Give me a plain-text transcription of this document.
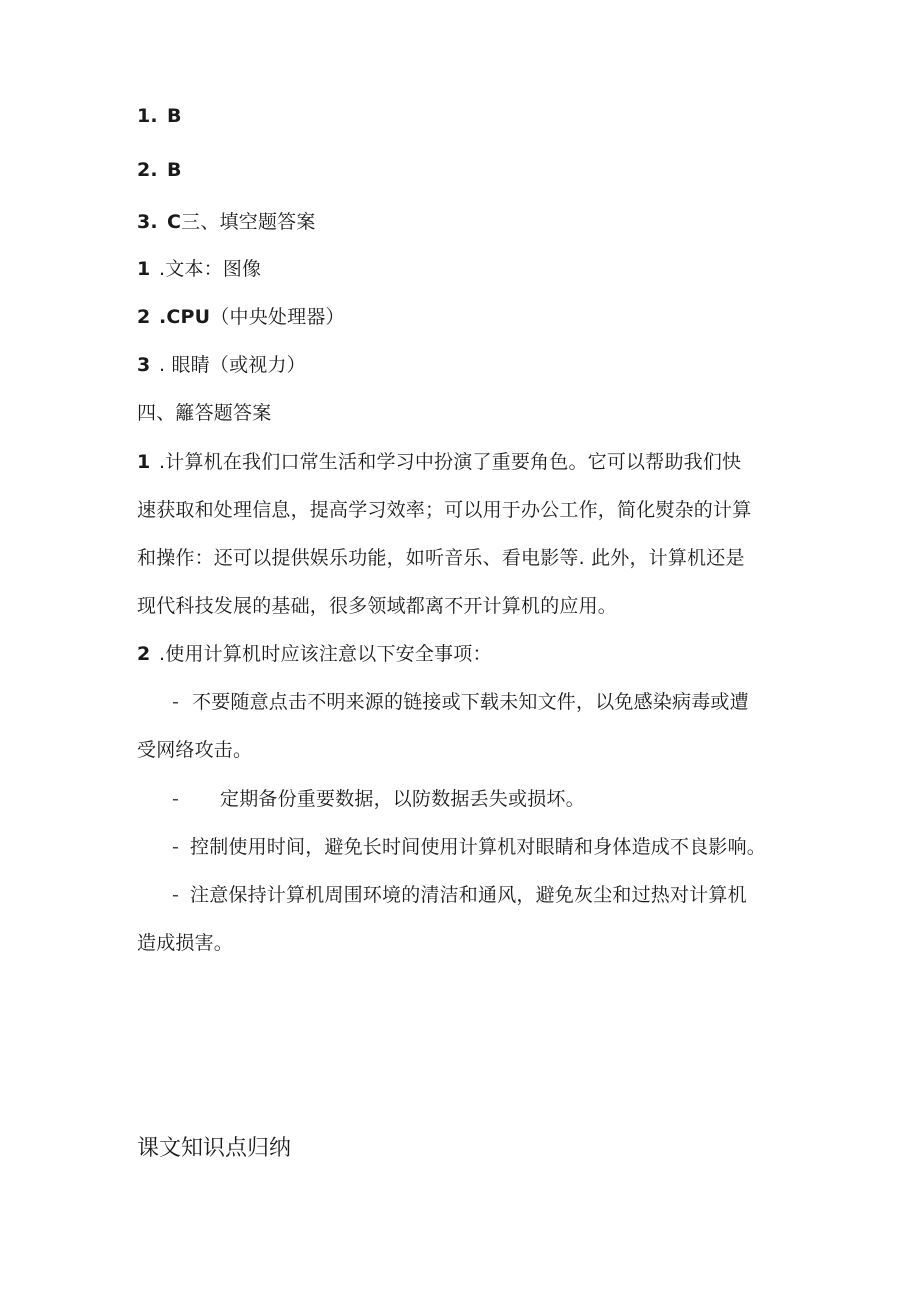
1. B
2. B
3. C三、填空题答案
1 .文本：图像
2 .CPU（中央处理器）
3 . 眼睛（或视力）
四、籬答题答案
1 .计算机在我们口常生活和学习中扮演了重要角色。它可以帮助我们快
速获取和处理信息，提高学习效率；可以用于办公工作，简化熨杂的计算
和操作：还可以提供娱乐功能，如听音乐、看电影等. 此外，计算机还是
现代科技发展的基础，很多领域都离不开计算机的应用。
2 .使用计算机时应该注意以下安全事项：
- 不要随意点击不明来源的链接或下载未知文件，以免感染病毒或遭
受网络攻击。
- 定期备份重要数据，以防数据丢失或损坏。
- 控制使用时间，避免长时间使用计算机对眼睛和身体造成不良影响。
- 注意保持计算机周围环境的清洁和通风，避免灰尘和过热对计算机
造成损害。
课文知识点归纳
